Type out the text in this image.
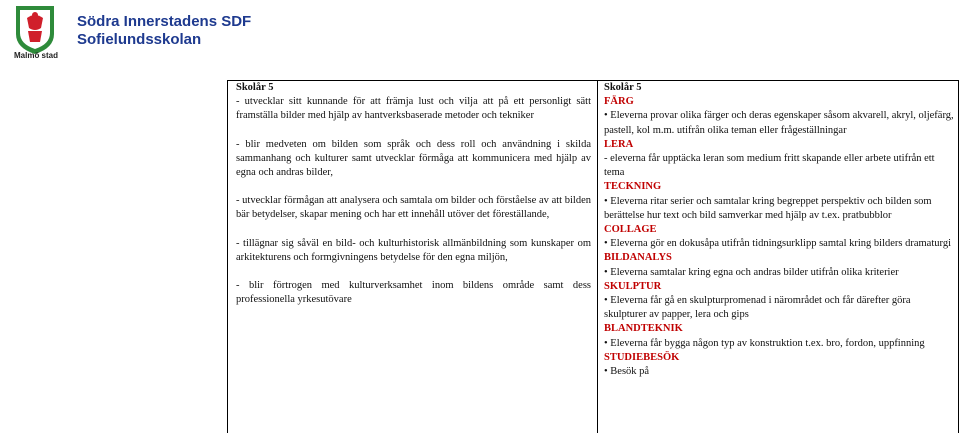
Malmö stad
Södra Innerstadens SDF
Sofielundsskolan

Skolår 5

- utvecklar sitt kunnande för att främja lust och vilja att på ett personligt sätt framställa bilder med hjälp av hantverksbaserade metoder och tekniker

- blir medveten om bilden som språk och dess roll och användning i skilda sammanhang och kulturer samt utvecklar förmåga att kommunicera med hjälp av egna och andras bilder,

- utvecklar förmågan att analysera och samtala om bilder och förståelse av att bilden bär betydelser, skapar mening och har ett innehåll utöver det föreställande,

- tillägnar sig såväl en bild- och kulturhistorisk allmänbildning som kunskaper om arkitekturens och formgivningens betydelse för den egna miljön,

- blir förtrogen med kulturverksamhet inom bildens område samt dess professionella yrkesutövare

Skolår 5

FÄRG

• Eleverna provar olika färger och deras egenskaper såsom akvarell, akryl, oljefärg, pastell, kol m.m. utifrån olika teman eller frågeställningar

LERA

- eleverna får upptäcka leran som medium fritt skapande eller arbete utifrån ett tema

TECKNING

• Eleverna ritar serier och samtalar kring begreppet perspektiv och bilden som berättelse hur text och bild samverkar med hjälp av t.ex. pratbubblor

COLLAGE

• Eleverna gör en dokusåpa utifrån tidningsurklipp samtal kring bilders dramaturgi

BILDANALYS

• Eleverna samtalar kring egna och andras bilder utifrån olika kriterier

SKULPTUR

• Eleverna får gå en skulpturpromenad i närområdet och får därefter göra skulpturer av papper, lera och gips

BLANDTEKNIK

• Eleverna får bygga någon typ av konstruktion t.ex. bro, fordon, uppfinning

STUDIEBESÖK

• Besök på
